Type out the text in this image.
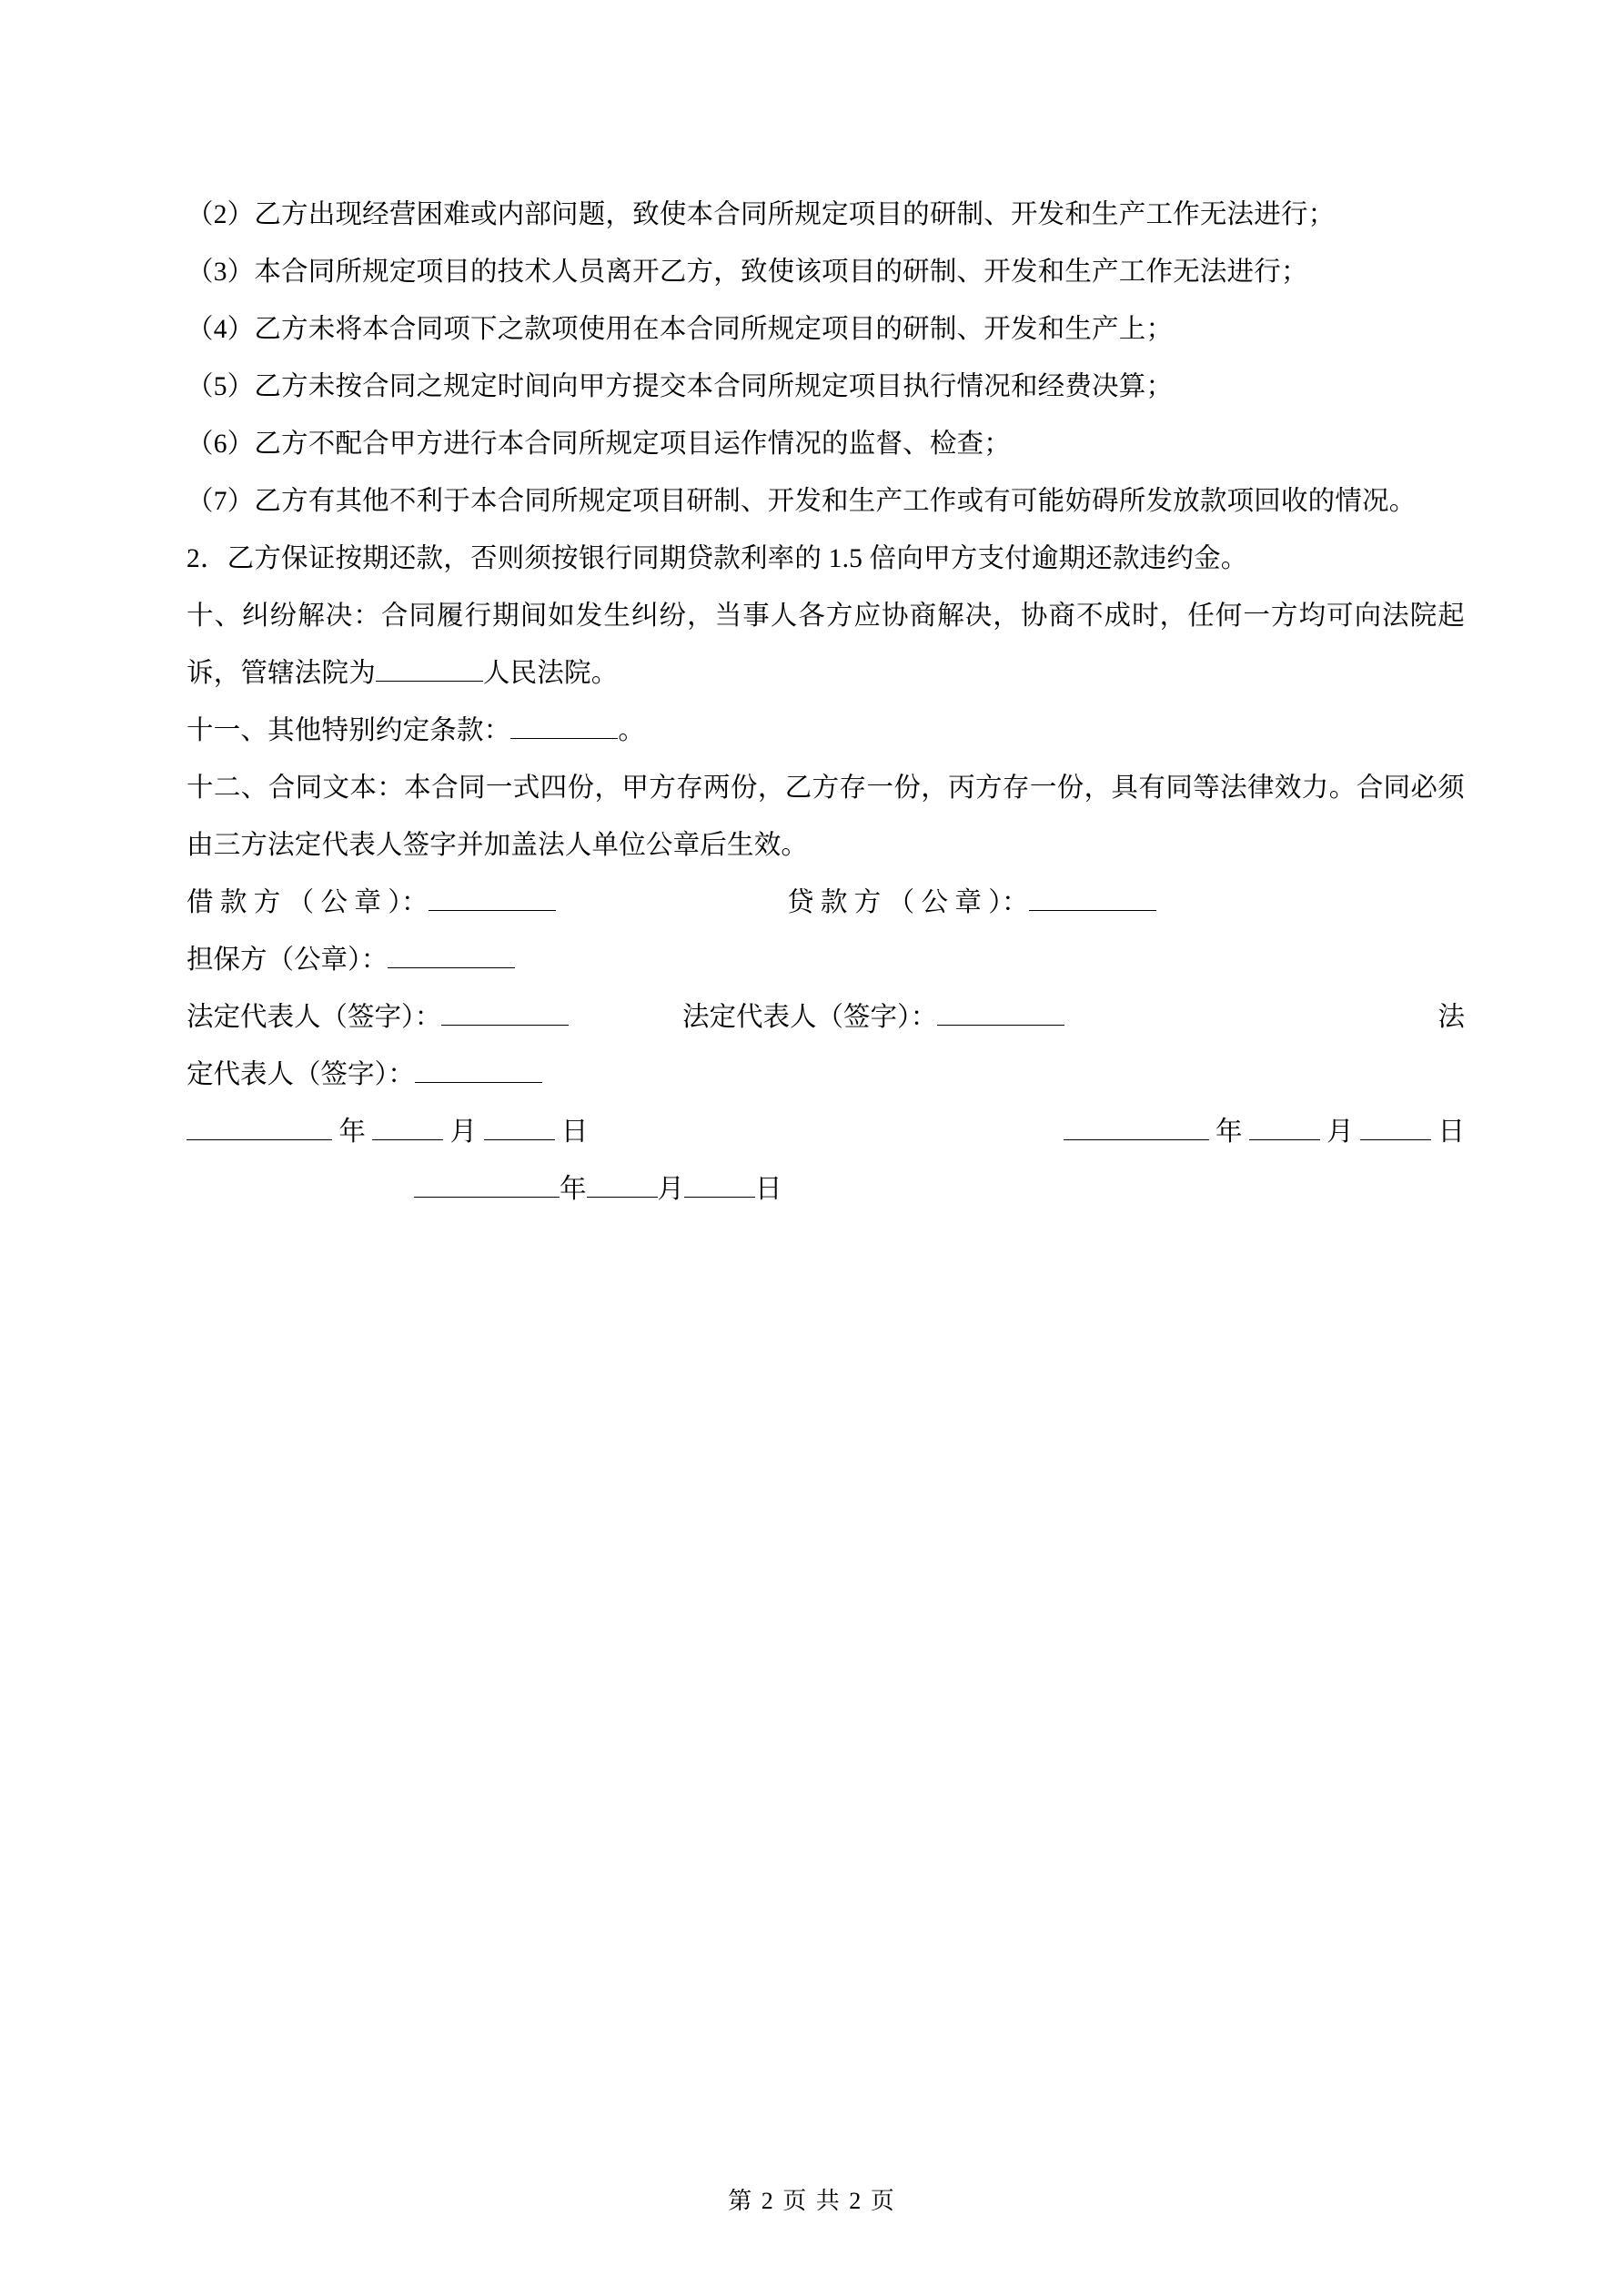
（2）乙方出现经营困难或内部问题，致使本合同所规定项目的研制、开发和生产工作无法进行；

（3）本合同所规定项目的技术人员离开乙方，致使该项目的研制、开发和生产工作无法进行；

（4）乙方未将本合同项下之款项使用在本合同所规定项目的研制、开发和生产上；

（5）乙方未按合同之规定时间向甲方提交本合同所规定项目执行情况和经费决算；

（6）乙方不配合甲方进行本合同所规定项目运作情况的监督、检查；

（7）乙方有其他不利于本合同所规定项目研制、开发和生产工作或有可能妨碍所发放款项回收的情况。

2．乙方保证按期还款，否则须按银行同期贷款利率的 1.5 倍向甲方支付逾期还款违约金。

十、纠纷解决：合同履行期间如发生纠纷，当事人各方应协商解决，协商不成时，任何一方均可向法院起诉，管辖法院为	人民法院。

十一、其他特别约定条款：	。

十二、合同文本：本合同一式四份，甲方存两份，乙方存一份，丙方存一份，具有同等法律效力。合同必须由三方法定代表人签字并加盖法人单位公章后生效。

借 款 方 （ 公 章 ）：	贷 款 方 （ 公 章 ）：
担保方（公章）：
法定代表人（签字）：	法定代表人（签字）：	法
定代表人（签字）：
年	月	日	年	月	日
年	月	日
第 2 页 共 2 页
